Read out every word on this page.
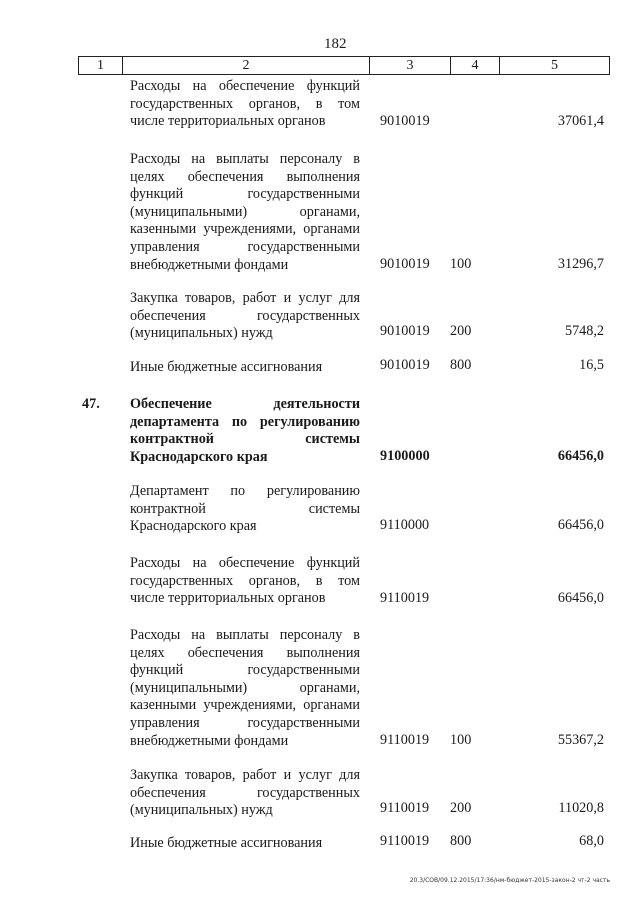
182
1	2	3	4	5
Расходы на обеспечение функций государственных органов, в том числе территориальных органов	9010019	37061,4
Расходы на выплаты персоналу в целях обеспечения выполнения функций государственными (муниципальными) органами, казенными учреждениями, органами управления государственными внебюджетными фондами	9010019 100	31296,7
Закупка товаров, работ и услуг для обеспечения государственных (муниципальных) нужд	9010019 200	5748,2
Иные бюджетные ассигнования	9010019 800	16,5
47. Обеспечение деятельности департамента по регулированию контрактной системы Краснодарского края	9100000	66456,0
Департамент по регулированию контрактной системы Краснодарского края	9110000	66456,0
Расходы на обеспечение функций государственных органов, в том числе территориальных органов	9110019	66456,0
Расходы на выплаты персоналу в целях обеспечения выполнения функций государственными (муниципальными) органами, казенными учреждениями, органами управления государственными внебюджетными фондами	9110019 100	55367,2
Закупка товаров, работ и услуг для обеспечения государственных (муниципальных) нужд	9110019 200	11020,8
Иные бюджетные ассигнования	9110019 800	68,0
20.3/СОВ/09.12.2015/17:36/нм-бюджет-2015-закон-2 чт-2 часть
